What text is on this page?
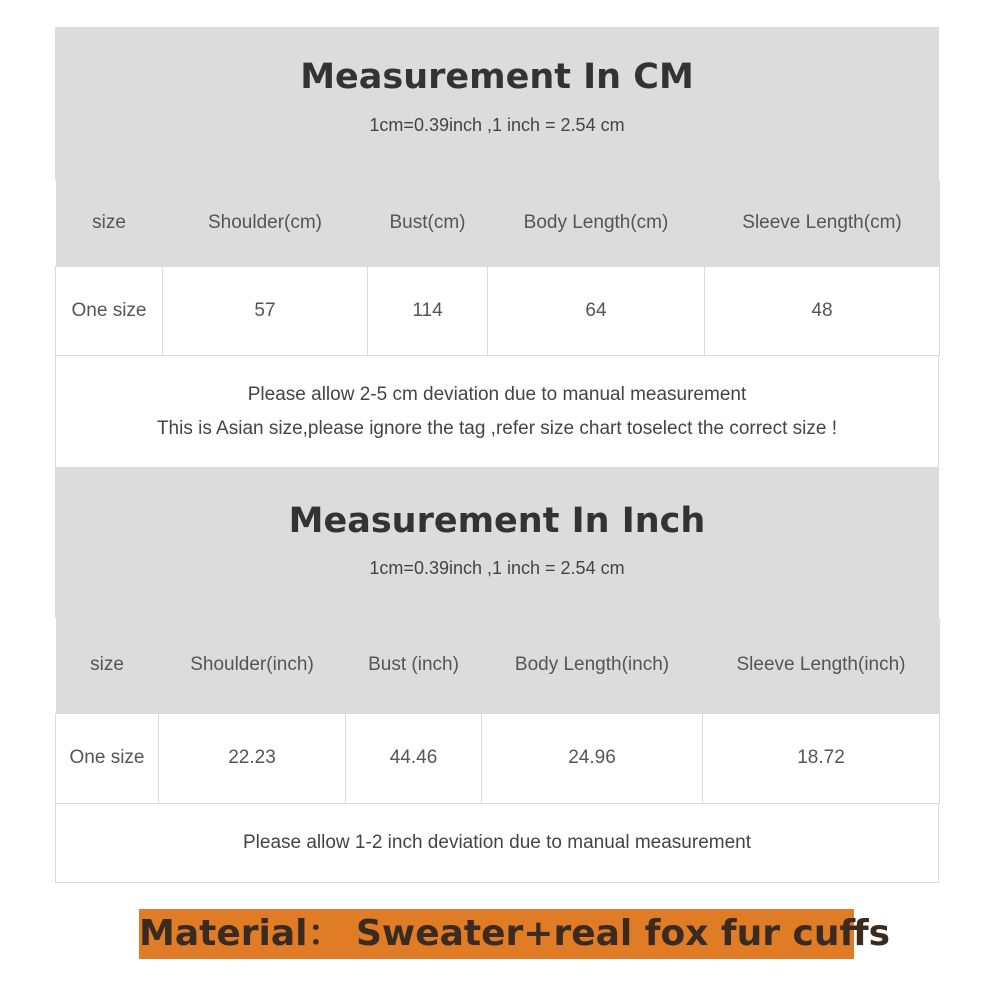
Measurement In CM
1cm=0.39inch ,1 inch = 2.54 cm
size	Shoulder(cm)	Bust(cm)	Body Length(cm)	Sleeve Length(cm)
One size	57	114	64	48
Please allow 2-5 cm deviation due to manual measurement
This is Asian size,please ignore the tag ,refer size chart toselect the correct size !
Measurement In Inch
1cm=0.39inch ,1 inch = 2.54 cm
size	Shoulder(inch)	Bust (inch)	Body Length(inch)	Sleeve Length(inch)
One size	22.23	44.46	24.96	18.72
Please allow 1-2 inch deviation due to manual measurement
Material： Sweater+real fox fur cuffs
